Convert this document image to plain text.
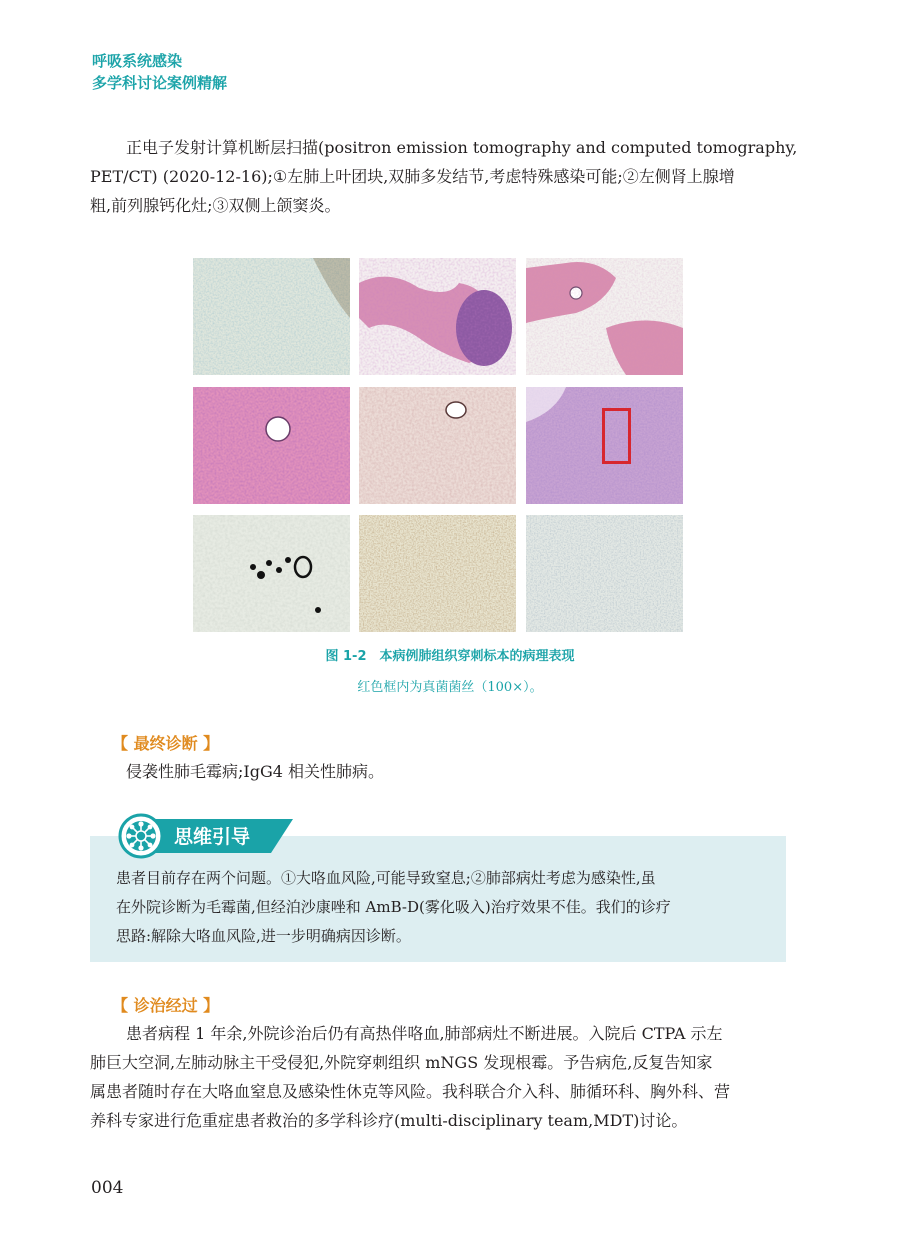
呼吸系统感染
多学科讨论案例精解

正电子发射计算机断层扫描(positron emission tomography and computed tomography,
PET/CT) (2020-12-16);①左肺上叶团块,双肺多发结节,考虑特殊感染可能;②左侧肾上腺增
粗,前列腺钙化灶;③双侧上颌窦炎。

图 1-2　本病例肺组织穿刺标本的病理表现
红色框内为真菌菌丝（100×）。
【 最终诊断 】

侵袭性肺毛霉病;IgG4 相关性肺病。

患者目前存在两个问题。①大咯血风险,可能导致窒息;②肺部病灶考虑为感染性,虽
在外院诊断为毛霉菌,但经泊沙康唑和 AmB-D(雾化吸入)治疗效果不佳。我们的诊疗
思路:解除大咯血风险,进一步明确病因诊断。
思维引导
【 诊治经过 】

患者病程 1 年余,外院诊治后仍有高热伴咯血,肺部病灶不断进展。入院后 CTPA 示左
肺巨大空洞,左肺动脉主干受侵犯,外院穿刺组织 mNGS 发现根霉。予告病危,反复告知家
属患者随时存在大咯血窒息及感染性休克等风险。我科联合介入科、肺循环科、胸外科、营
养科专家进行危重症患者救治的多学科诊疗(multi-disciplinary team,MDT)讨论。

004
